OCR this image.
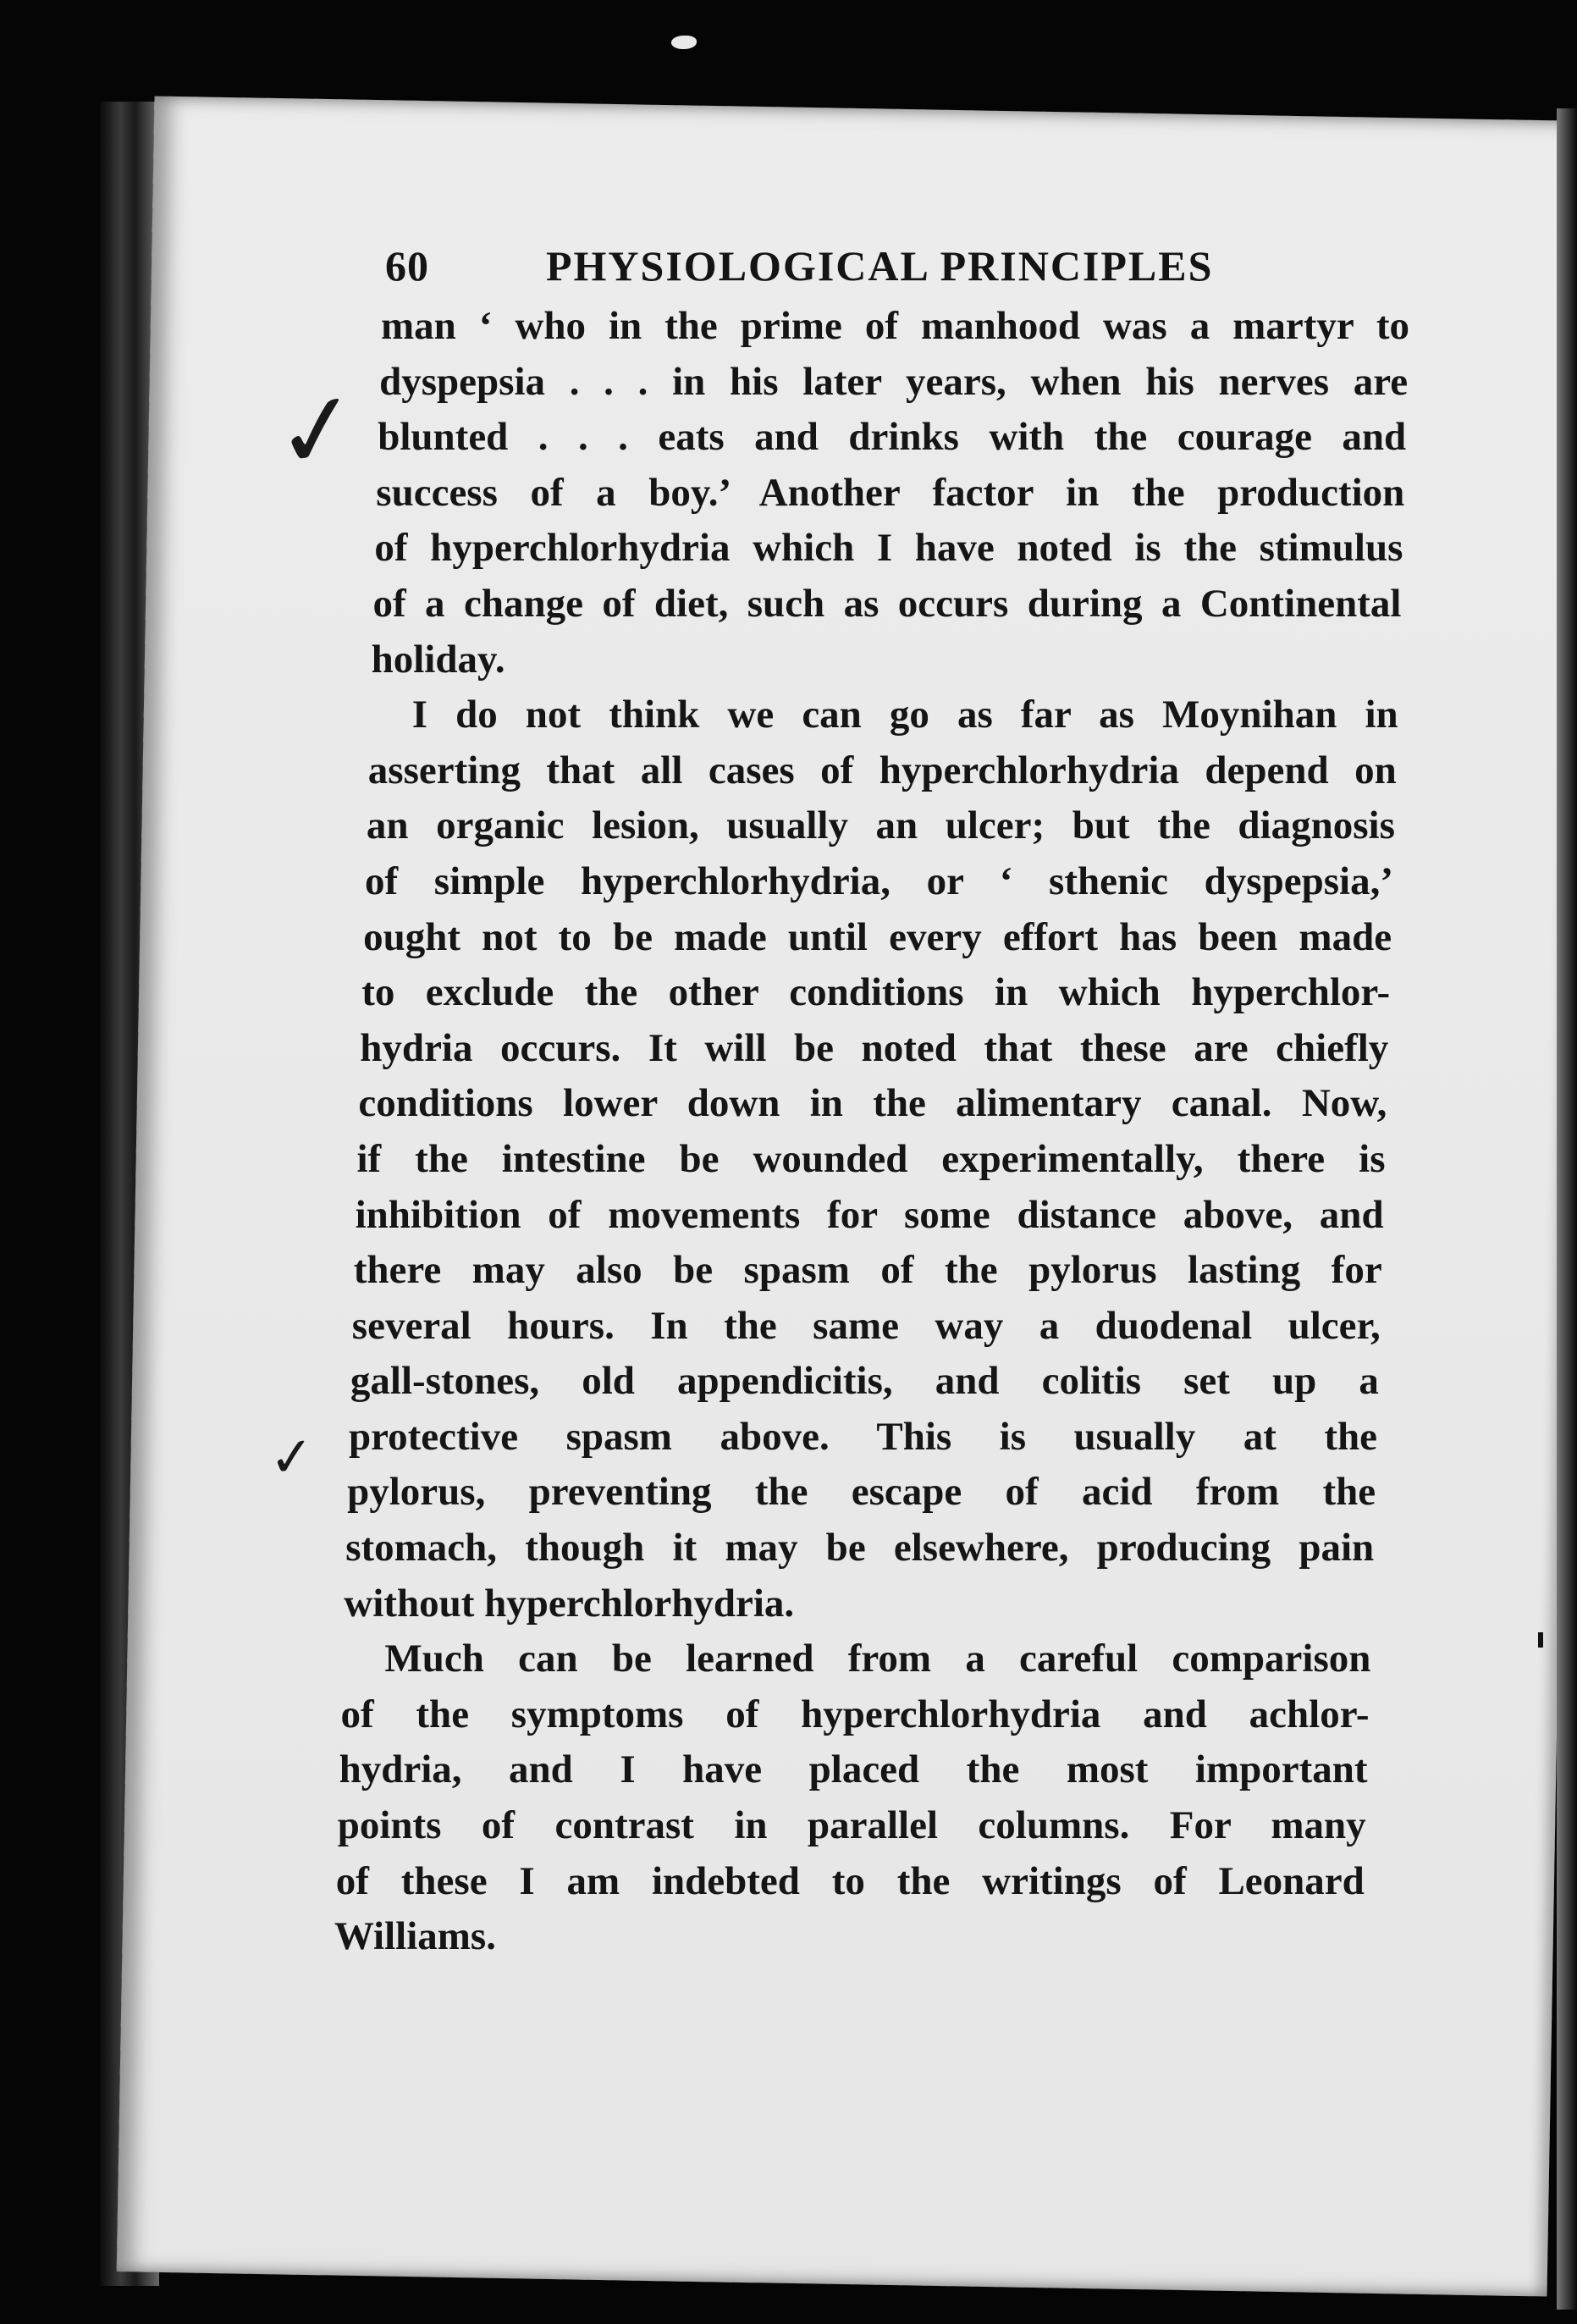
✓
✓
60	PHYSIOLOGICAL PRINCIPLES

man ‘ who in the prime of manhood was a martyr to

dyspepsia . . . in his later years, when his nerves are

blunted . . . eats and drinks with the courage and

success of a boy.’ Another factor in the production

of hyperchlorhydria which I have noted is the stimulus

of a change of diet, such as occurs during a Continental

holiday.

I do not think we can go as far as Moynihan in

asserting that all cases of hyperchlorhydria depend on

an organic lesion, usually an ulcer; but the diagnosis

of simple hyperchlorhydria, or ‘ sthenic dyspepsia,’

ought not to be made until every effort has been made

to exclude the other conditions in which hyperchlor-

hydria occurs. It will be noted that these are chiefly

conditions lower down in the alimentary canal. Now,

if the intestine be wounded experimentally, there is

inhibition of movements for some distance above, and

there may also be spasm of the pylorus lasting for

several hours. In the same way a duodenal ulcer,

gall-stones, old appendicitis, and colitis set up a

protective spasm above. This is usually at the

pylorus, preventing the escape of acid from the

stomach, though it may be elsewhere, producing pain

without hyperchlorhydria.

Much can be learned from a careful comparison

of the symptoms of hyperchlorhydria and achlor-

hydria, and I have placed the most important

points of contrast in parallel columns. For many

of these I am indebted to the writings of Leonard

Williams.
